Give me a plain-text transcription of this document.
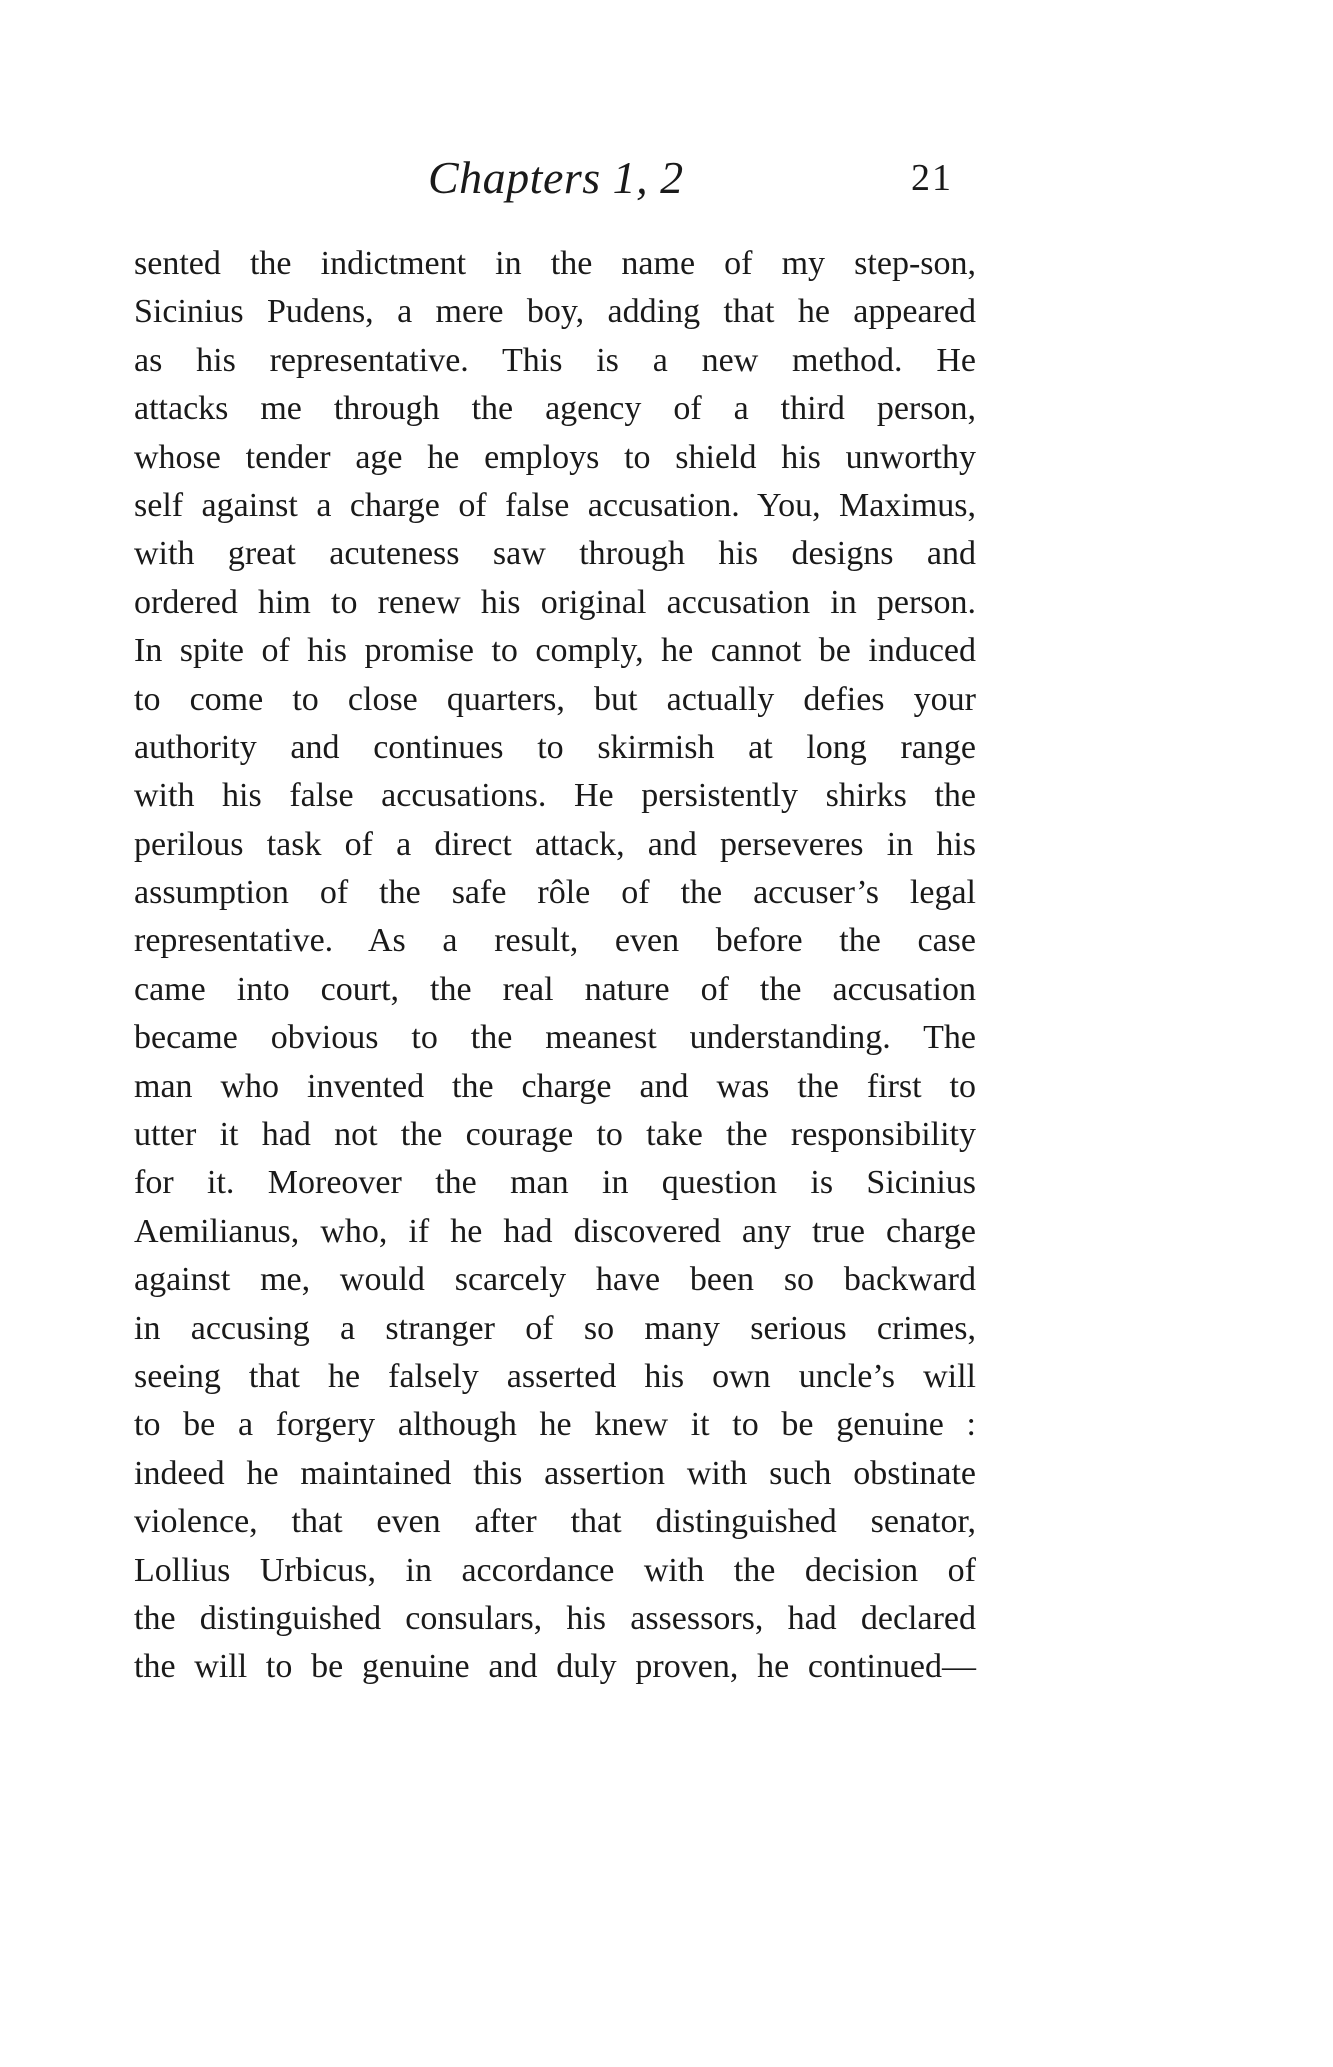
Chapters 1, 2	21
sented the indictment in the name of my step-son,
Sicinius Pudens, a mere boy, adding that he appeared
as his representative. This is a new method. He
attacks me through the agency of a third person,
whose tender age he employs to shield his unworthy
self against a charge of false accusation. You, Maximus,
with great acuteness saw through his designs and
ordered him to renew his original accusation in person.
In spite of his promise to comply, he cannot be induced
to come to close quarters, but actually defies your
authority and continues to skirmish at long range
with his false accusations. He persistently shirks the
perilous task of a direct attack, and perseveres in his
assumption of the safe rôle of the accuser’s legal
representative. As a result, even before the case
came into court, the real nature of the accusation
became obvious to the meanest understanding. The
man who invented the charge and was the first to
utter it had not the courage to take the responsibility
for it. Moreover the man in question is Sicinius
Aemilianus, who, if he had discovered any true charge
against me, would scarcely have been so backward
in accusing a stranger of so many serious crimes,
seeing that he falsely asserted his own uncle’s will
to be a forgery although he knew it to be genuine :
indeed he maintained this assertion with such obstinate
violence, that even after that distinguished senator,
Lollius Urbicus, in accordance with the decision of
the distinguished consulars, his assessors, had declared
the will to be genuine and duly proven, he continued—
